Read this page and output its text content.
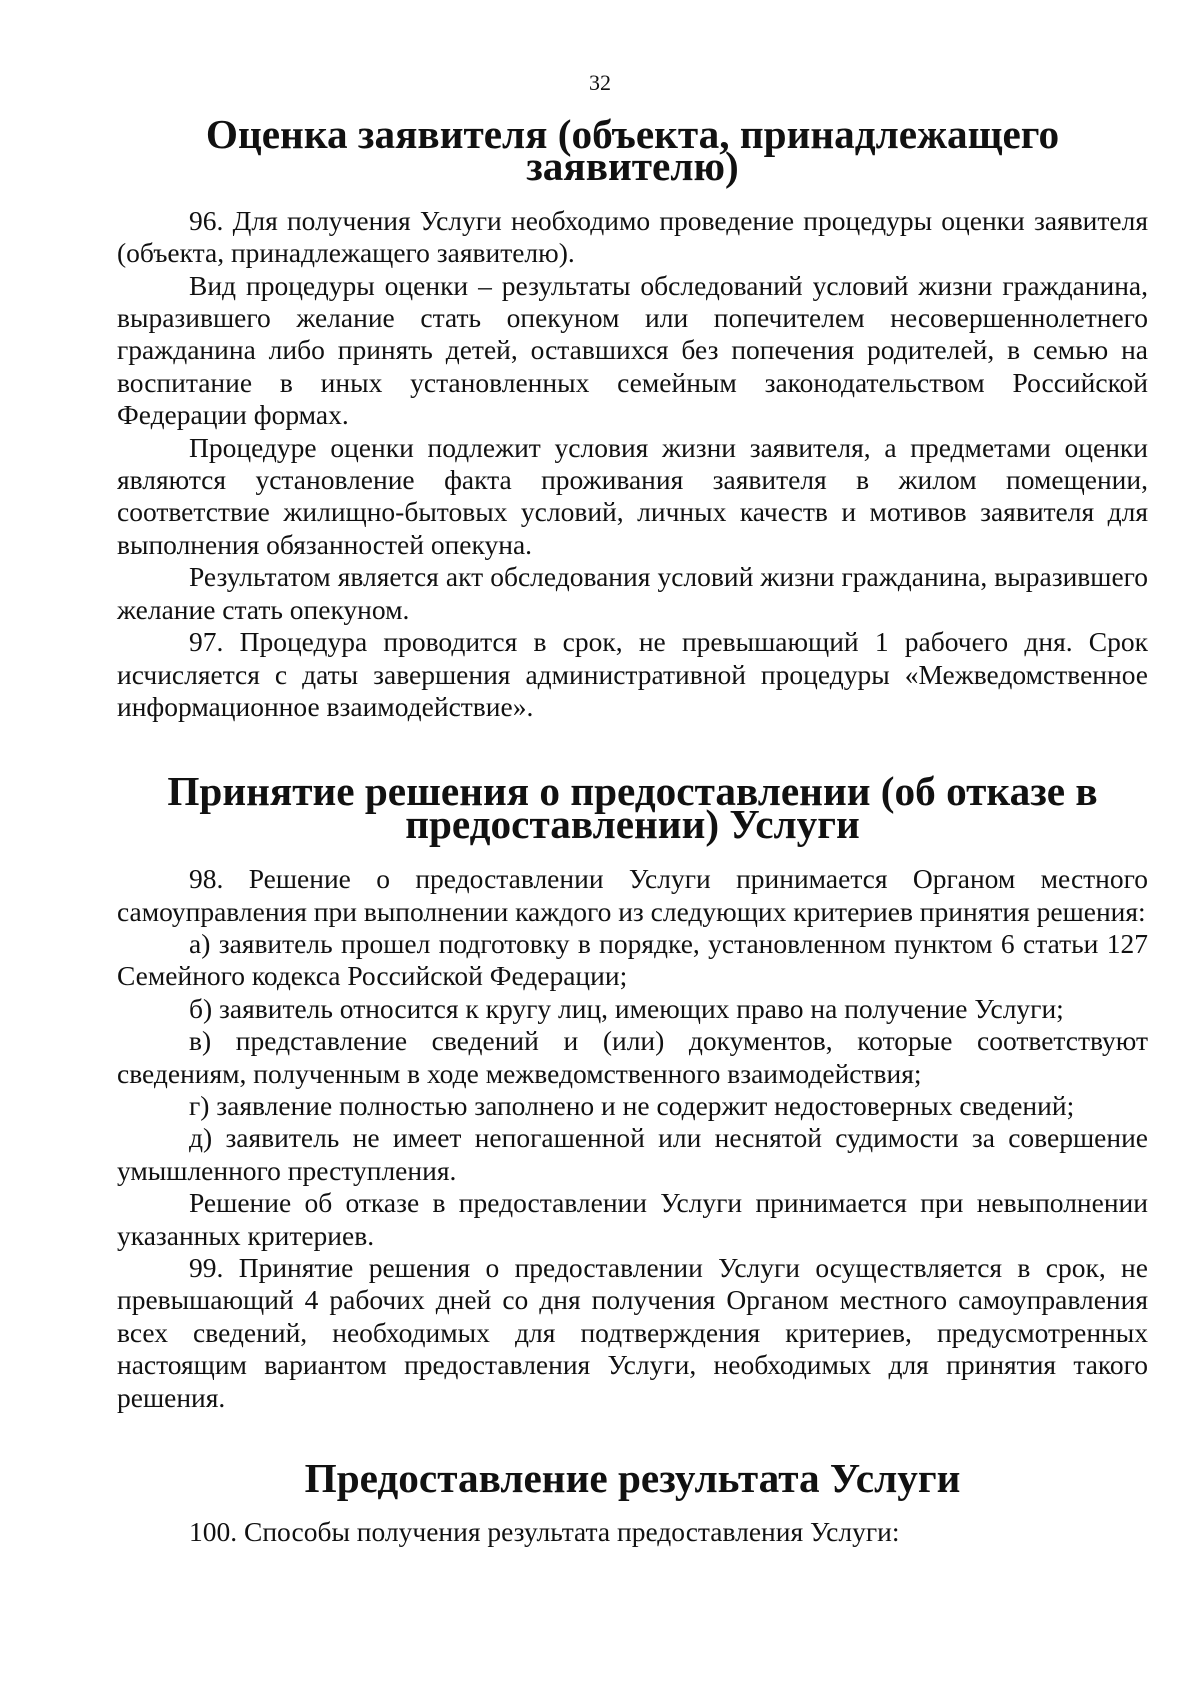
32
Оценка заявителя (объекта, принадлежащего заявителю)

96. Для получения Услуги необходимо проведение процедуры оценки заявителя (объекта, принадлежащего заявителю).

Вид процедуры оценки – результаты обследований условий жизни гражданина, выразившего желание стать опекуном или попечителем несовершеннолетнего гражданина либо принять детей, оставшихся без попечения родителей, в семью на воспитание в иных установленных семейным законодательством Российской Федерации формах.

Процедуре оценки подлежит условия жизни заявителя, а предметами оценки являются установление факта проживания заявителя в жилом помещении, соответствие жилищно-бытовых условий, личных качеств и мотивов заявителя для выполнения обязанностей опекуна.

Результатом является акт обследования условий жизни гражданина, выразившего желание стать опекуном.

97. Процедура проводится в срок, не превышающий 1 рабочего дня. Срок исчисляется с даты завершения административной процедуры «Межведомственное информационное взаимодействие».

Принятие решения о предоставлении (об отказе в предоставлении) Услуги

98. Решение о предоставлении Услуги принимается Органом местного самоуправления при выполнении каждого из следующих критериев принятия решения:

а) заявитель прошел подготовку в порядке, установленном пунктом 6 статьи 127 Семейного кодекса Российской Федерации;

б) заявитель относится к кругу лиц, имеющих право на получение Услуги;

в) представление сведений и (или) документов, которые соответствуют сведениям, полученным в ходе межведомственного взаимодействия;

г) заявление полностью заполнено и не содержит недостоверных сведений;

д) заявитель не имеет непогашенной или неснятой судимости за совершение умышленного преступления.

Решение об отказе в предоставлении Услуги принимается при невыполнении указанных критериев.

99. Принятие решения о предоставлении Услуги осуществляется в срок, не превышающий 4 рабочих дней со дня получения Органом местного самоуправления всех сведений, необходимых для подтверждения критериев, предусмотренных настоящим вариантом предоставления Услуги, необходимых для принятия такого решения.

Предоставление результата Услуги

100. Способы получения результата предоставления Услуги:
